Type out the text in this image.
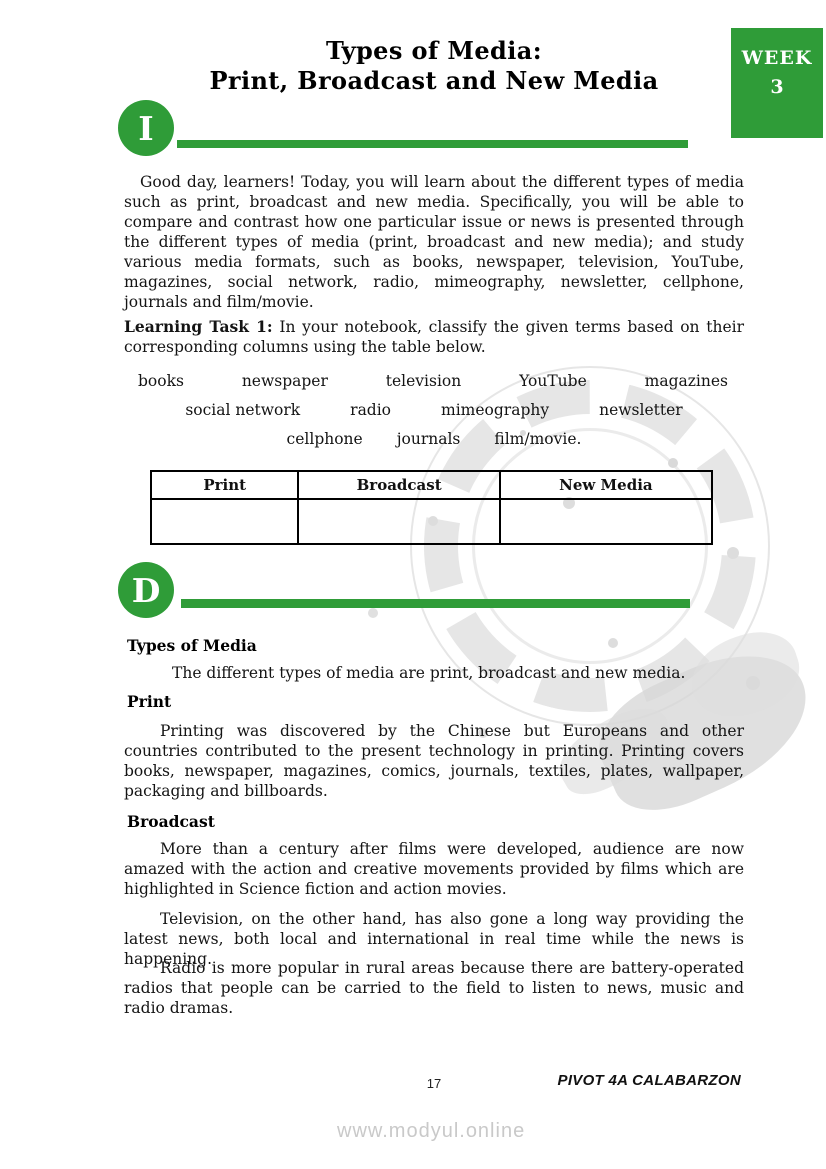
Types of Media:
Print, Broadcast and New Media
WEEK
3
I

Good day, learners! Today, you will learn about the different types of media such as print, broadcast and new media. Specifically, you will be able to compare and contrast how one particular issue or news is presented through the different types of media (print, broadcast and new media); and study various media formats, such as books, newspaper, television, YouTube, magazines, social network, radio, mimeography, newsletter, cellphone, journals and film/movie.

Learning Task 1: In your notebook, classify the given terms based on their corresponding columns using the table below.

books	newspaper	television	YouTube	magazines
social network	radio	mimeography	newsletter
cellphone journals film/movie.
Print	Broadcast	New Media

D
Types of Media

The different types of media are print, broadcast and new media.

Print

Printing was discovered by the Chinese but Europeans and other countries contributed to the present technology in printing. Printing covers books, newspaper, magazines, comics, journals, textiles, plates, wallpaper, packaging and billboards.

Broadcast

More than a century after films were developed, audience are now amazed with the action and creative movements provided by films which are highlighted in Science fiction and action movies.

Television, on the other hand, has also gone a long way providing the latest news, both local and international in real time while the news is happening.

Radio is more popular in rural areas because there are battery-operated radios that people can be carried to the field to listen to news, music and radio dramas.

17	PIVOT 4A CALABARZON
www.modyul.online
